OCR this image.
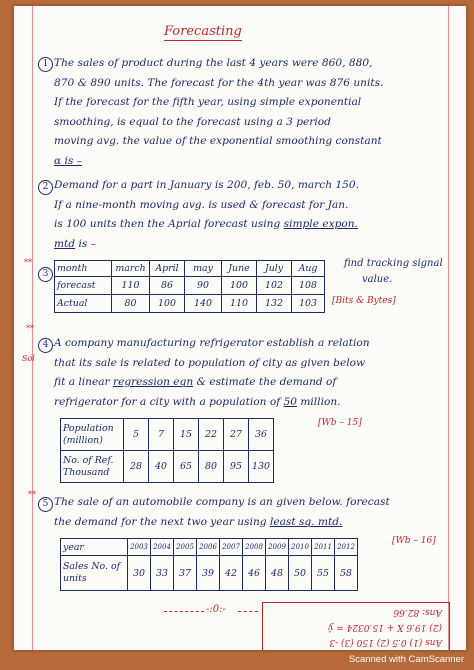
Forecasting
1 The sales of product during the last 4 years were 860, 880,
870 & 890 units. The forecast for the 4th year was 876 units.
If the forecast for the fifth year, using simple exponential
smoothing, is equal to the forecast using a 3 period
moving avg. the value of the exponential smoothing constant
α is –
2 Demand for a part in January is 200, feb. 50, march 150.
If a nine-month moving avg. is used & forecast for Jan.
is 100 units then the Aprial forecast using simple expon.
mtd is –
**
3 month	march	April	may	June	July	Aug
forecast	110	86	90	100	102	108
Actual	80	100	140	110	132	103
find tracking signal
value.
[Bits & Bytes]
**
4
Sol
A company manufacturing refrigerator establish a relation
that its sale is related to population of city as given below
fit a linear regression eqn & estimate the demand of
refrigerator for a city with a population of 50 million.
[Wb – 15]
Population (million)	5	7	15	22	27	36
No. of Ref. Thousand	28	40	65	80	95	130
**
5 The sale of an automobile company is an given below. forecast
the demand for the next two year using least sq. mtd.
[Wb – 16]
year	2003	2004	2005	2006	2007	2008	2009	2010	2011	2012
Sales No. of units	30	33	37	39	42	46	48	50	55	58
-:0:-
Ans (1) 0.5 (2) 150 (3) -3
(2) 19.6 X + 15.0324 = ŷ
Ans: 82.66
Scanned with CamScanner
